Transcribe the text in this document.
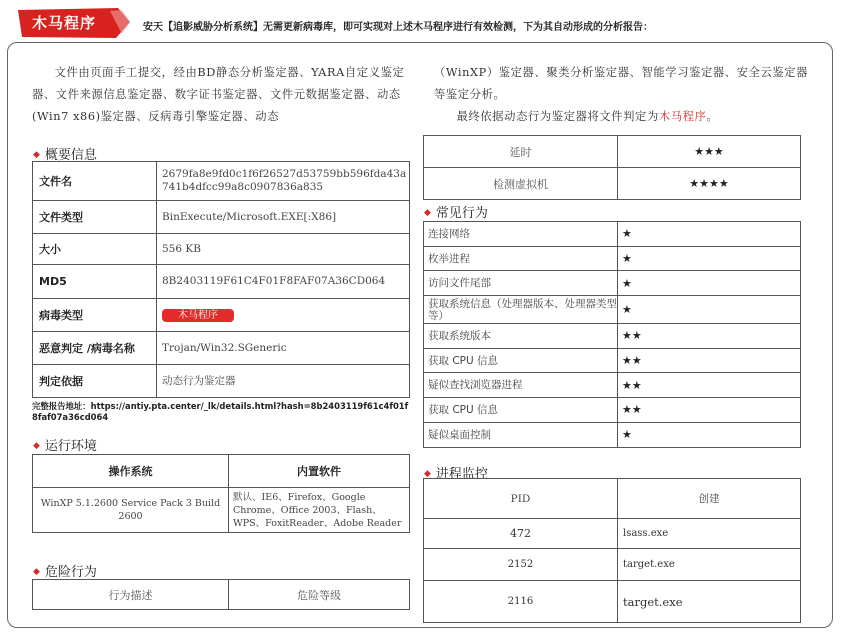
木马程序	安天【追影威胁分析系统】无需更新病毒库，即可实现对上述木马程序进行有效检测，下为其自动形成的分析报告：
文件由页面手工提交，经由BD静态分析鉴定器、YARA自定义鉴定器、文件来源信息鉴定器、数字证书鉴定器、文件元数据鉴定器、动态(Win7 x86)鉴定器、反病毒引擎鉴定器、动态
（WinXP）鉴定器、聚类分析鉴定器、智能学习鉴定器、安全云鉴定器等鉴定分析。
最终依据动态行为鉴定器将文件判定为木马程序。
◆ 概要信息
文件名	2679fa8e9fd0c1f6f26527d53759bb596fda43a741b4dfcc99a8c0907836a835
文件类型	BinExecute/Microsoft.EXE[:X86]
大小	556 KB
MD5	8B2403119F61C4F01F8FAF07A36CD064
病毒类型	木马程序
恶意判定 /病毒名称	Trojan/Win32.SGeneric
判定依据	动态行为鉴定器
完整报告地址：https://antiy.pta.center/_lk/details.html?hash=8b2403119f61c4f01f8faf07a36cd064
◆ 运行环境
操作系统	内置软件
WinXP 5.1.2600 Service Pack 3 Build 2600	默认、IE6、Firefox、Google Chrome、Office 2003、Flash、WPS、FoxitReader、Adobe Reader
◆ 危险行为
行为描述	危险等级
延时	★★★
检测虚拟机	★★★★
◆ 常见行为
连接网络	★
枚举进程	★
访问文件尾部	★
获取系统信息（处理器版本、处理器类型等）	★
获取系统版本	★★
获取 CPU 信息	★★
疑似查找浏览器进程	★★
获取 CPU 信息	★★
疑似桌面控制	★
◆ 进程监控
PID	创建
472	lsass.exe
2152	target.exe
2116	target.exe
